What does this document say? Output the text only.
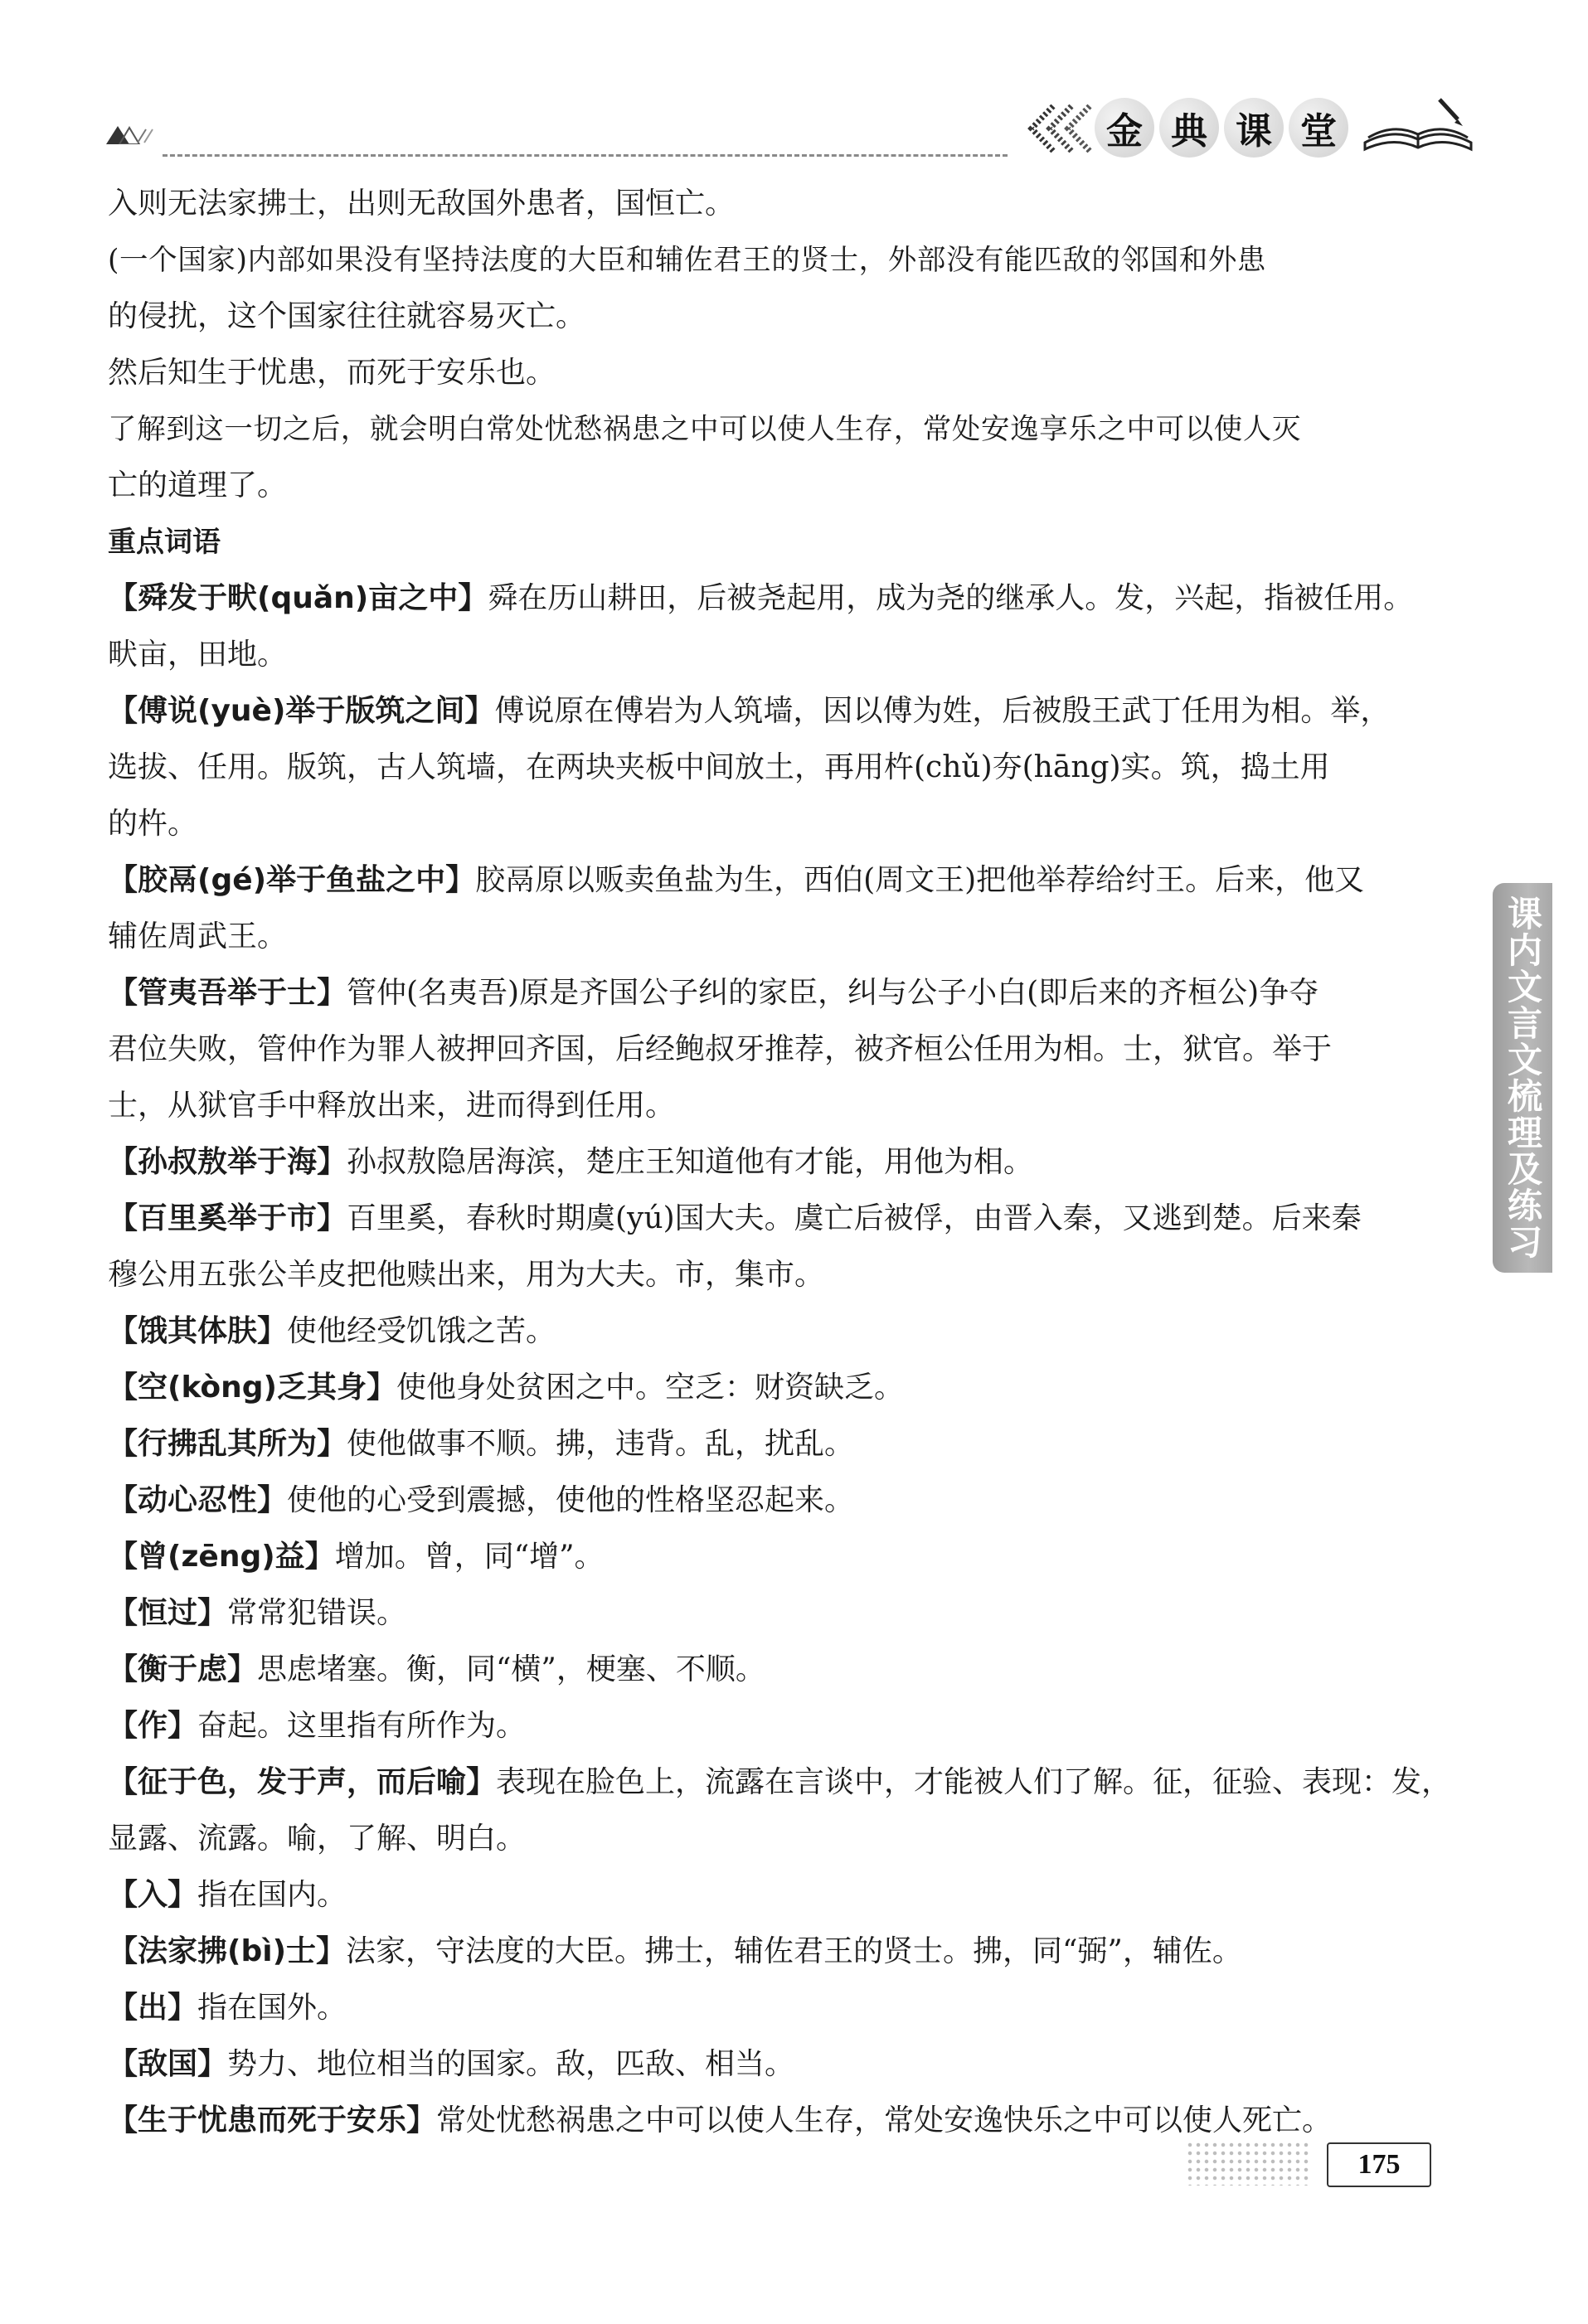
金 典 课 堂
课内文言文梳理及练习
入则无法家拂士，出则无敌国外患者，国恒亡。
(一个国家)内部如果没有坚持法度的大臣和辅佐君王的贤士，外部没有能匹敌的邻国和外患
的侵扰，这个国家往往就容易灭亡。
然后知生于忧患，而死于安乐也。
了解到这一切之后，就会明白常处忧愁祸患之中可以使人生存，常处安逸享乐之中可以使人灭
亡的道理了。
重点词语
【舜发于畎(quǎn)亩之中】舜在历山耕田，后被尧起用，成为尧的继承人。发，兴起，指被任用。
畎亩，田地。
【傅说(yuè)举于版筑之间】傅说原在傅岩为人筑墙，因以傅为姓，后被殷王武丁任用为相。举，
选拔、任用。版筑，古人筑墙，在两块夹板中间放土，再用杵(chǔ)夯(hāng)实。筑，捣土用
的杵。
【胶鬲(gé)举于鱼盐之中】胶鬲原以贩卖鱼盐为生，西伯(周文王)把他举荐给纣王。后来，他又
辅佐周武王。
【管夷吾举于士】管仲(名夷吾)原是齐国公子纠的家臣，纠与公子小白(即后来的齐桓公)争夺
君位失败，管仲作为罪人被押回齐国，后经鲍叔牙推荐，被齐桓公任用为相。士，狱官。举于
士，从狱官手中释放出来，进而得到任用。
【孙叔敖举于海】孙叔敖隐居海滨，楚庄王知道他有才能，用他为相。
【百里奚举于市】百里奚，春秋时期虞(yú)国大夫。虞亡后被俘，由晋入秦，又逃到楚。后来秦
穆公用五张公羊皮把他赎出来，用为大夫。市，集市。
【饿其体肤】使他经受饥饿之苦。
【空(kòng)乏其身】使他身处贫困之中。空乏：财资缺乏。
【行拂乱其所为】使他做事不顺。拂，违背。乱，扰乱。
【动心忍性】使他的心受到震撼，使他的性格坚忍起来。
【曾(zēng)益】增加。曾，同“增”。
【恒过】常常犯错误。
【衡于虑】思虑堵塞。衡，同“横”，梗塞、不顺。
【作】奋起。这里指有所作为。
【征于色，发于声，而后喻】表现在脸色上，流露在言谈中，才能被人们了解。征，征验、表现：发，
显露、流露。喻，了解、明白。
【入】指在国内。
【法家拂(bì)士】法家，守法度的大臣。拂士，辅佐君王的贤士。拂，同“弼”，辅佐。
【出】指在国外。
【敌国】势力、地位相当的国家。敌，匹敌、相当。
【生于忧患而死于安乐】常处忧愁祸患之中可以使人生存，常处安逸快乐之中可以使人死亡。
175
